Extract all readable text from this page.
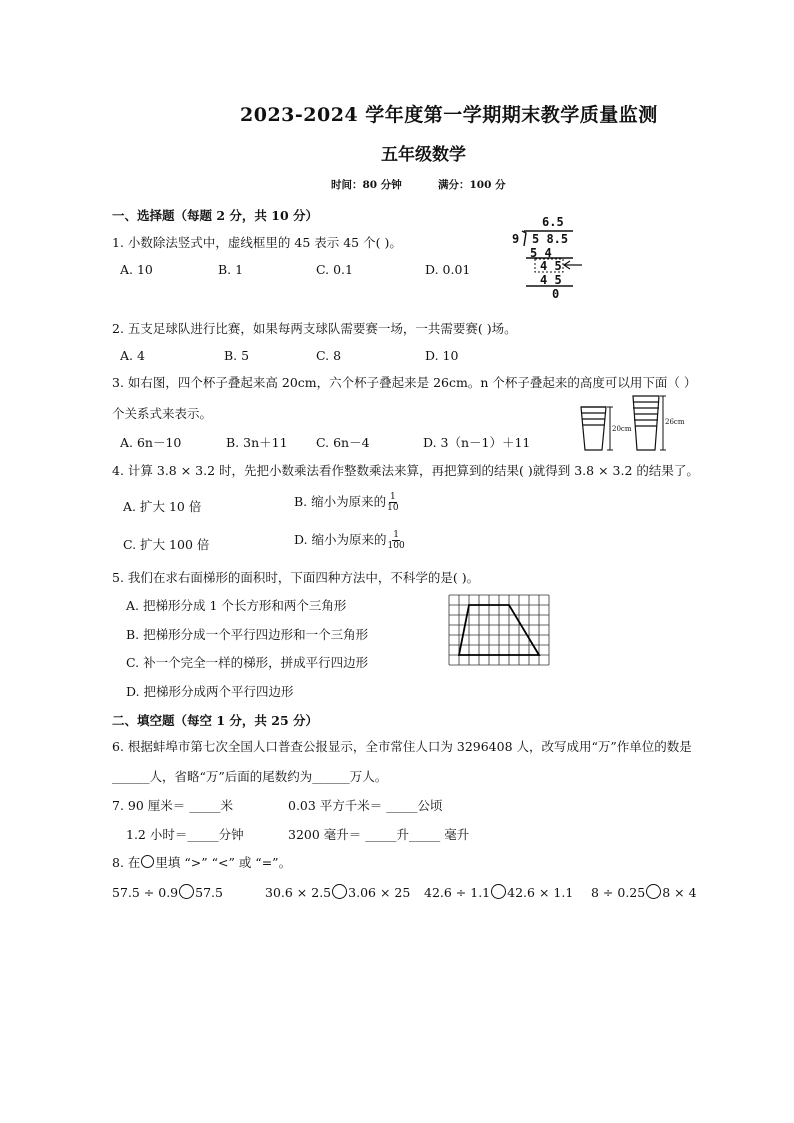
2023-2024 学年度第一学期期末教学质量监测
五年级数学
时间：80 分钟	满分：100 分
一、选择题（每题 2 分，共 10 分）
1. 小数除法竖式中，虚线框里的 45 表示 45 个( )。
A. 10	B. 1	C. 0.1	D. 0.01
6.5
9 5 8.5
5 4
4 5
4 5
0
2. 五支足球队进行比赛，如果每两支球队需要赛一场，一共需要赛( )场。
A. 4	B. 5	C. 8	D. 10
3. 如右图，四个杯子叠起来高 20cm，六个杯子叠起来是 26cm。n 个杯子叠起来的高度可以用下面（ ）
个关系式来表示。
A. 6n－10	B. 3n＋11 C. 6n－4	D. 3（n－1）＋11
20cm
26cm
4. 计算 3.8 × 3.2 时，先把小数乘法看作整数乘法来算，再把算到的结果( )就得到 3.8 × 3.2 的结果了。
A. 扩大 10 倍	B. 缩小为原来的 $\frac{1}{10}$
C. 扩大 100 倍	D. 缩小为原来的 $\frac{1}{100}$
5. 我们在求右面梯形的面积时，下面四种方法中，不科学的是( )。
A. 把梯形分成 1 个长方形和两个三角形
B. 把梯形分成一个平行四边形和一个三角形
C. 补一个完全一样的梯形，拼成平行四边形
D. 把梯形分成两个平行四边形
二、填空题（每空 1 分，共 25 分）
6. 根据蚌埠市第七次全国人口普查公报显示，全市常住人口为 3296408 人，改写成用“万”作单位的数是
______人，省略“万”后面的尾数约为______万人。
7. 90 厘米＝ _____米	0.03 平方千米＝ _____公顷
1.2 小时＝_____分钟	3200 毫升＝ _____升_____ 毫升
8. 在 里填 “>” “<” 或 “=”。
57.5 ÷ 0.9 57.5	30.6 × 2.5 3.06 × 25 42.6 ÷ 1.1 42.6 × 1.1 8 ÷ 0.25 8 × 4
